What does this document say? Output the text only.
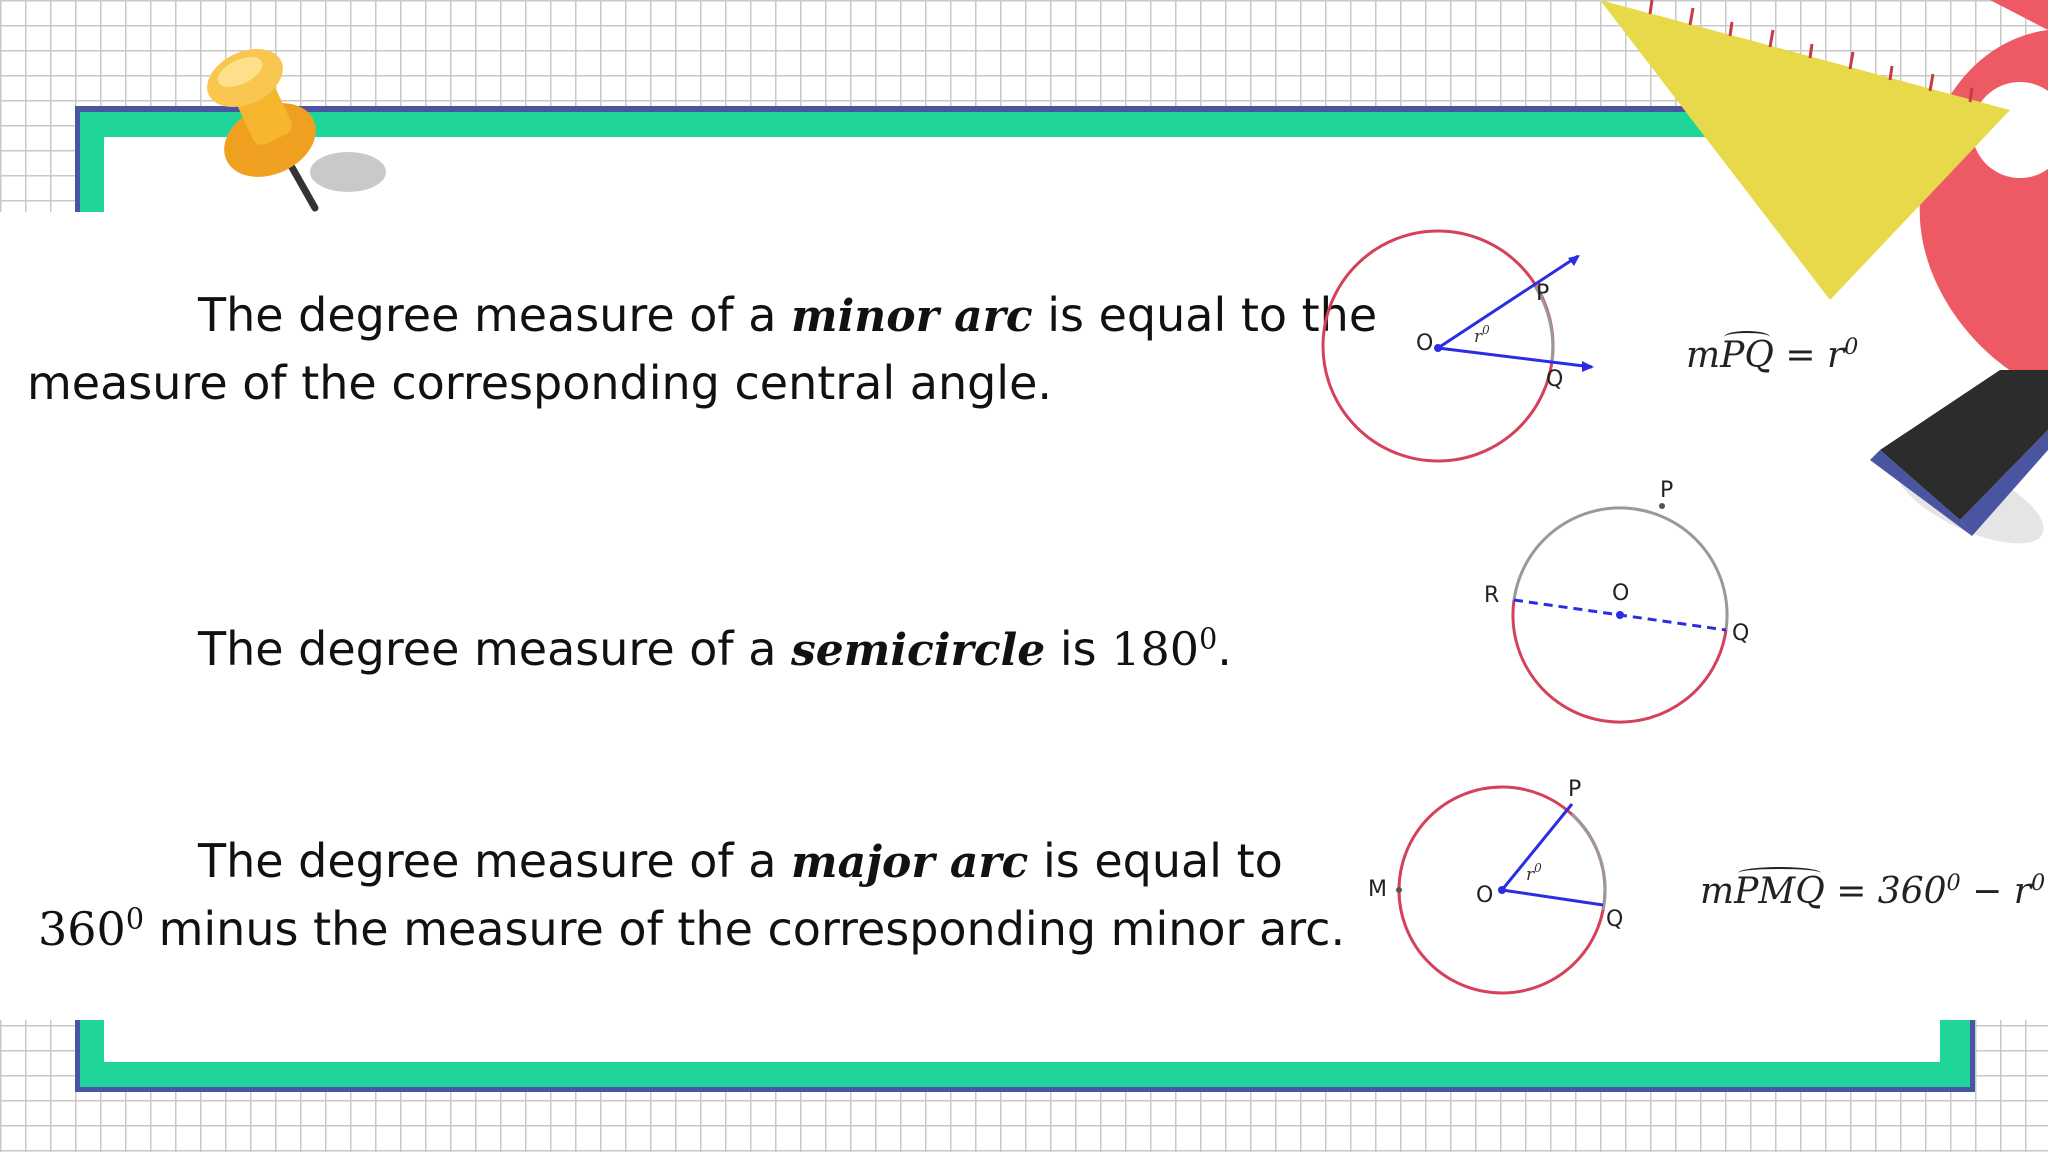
The degree measure of a minor arc is equal to the
measure of the corresponding central angle.
The degree measure of a semicircle is $180^0$.
The degree measure of a major arc is equal to
$360^0$ minus the measure of the corresponding minor arc.
mPQ = $r^0$
mPMQ = $360^0 - r^0$
O
P
Q
$r^0$
R	O
P
Q
M	O
P
Q
$r^0$
